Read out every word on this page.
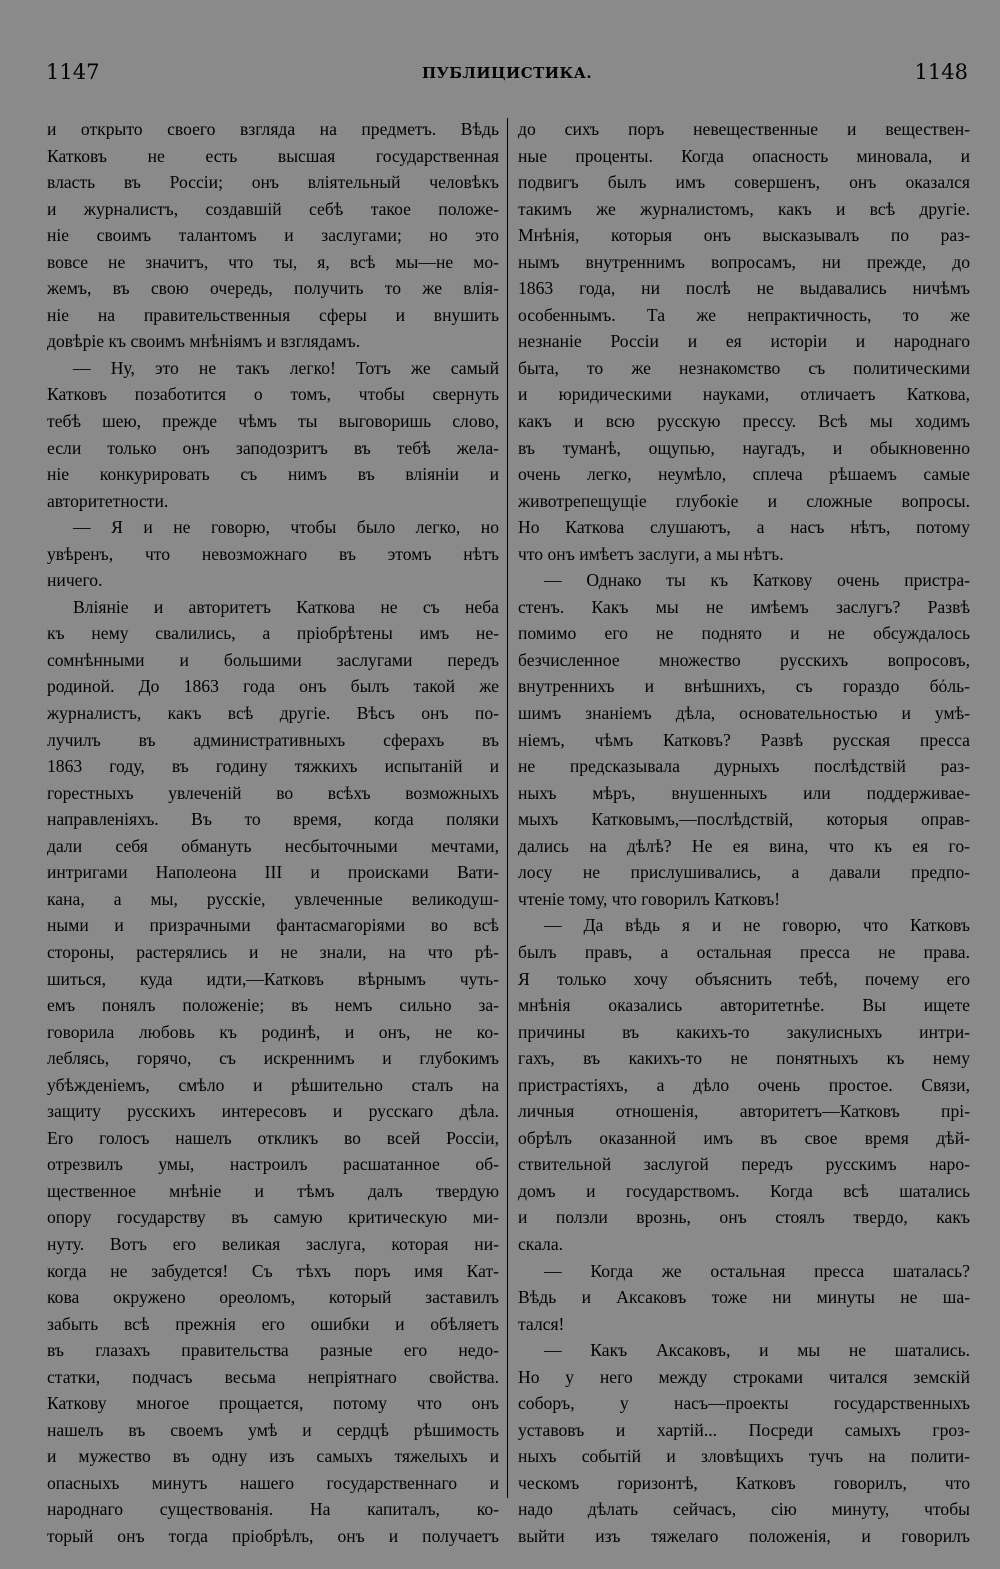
1147	ПУБЛИЦИСТИКА.	1148
и открыто своего взгляда на предметъ. Вѣдь
Катковъ не есть высшая государственная
власть въ Россіи; онъ вліятельный человѣкъ
и журналистъ, создавшій себѣ такое положе-
ніе своимъ талантомъ и заслугами; но это
вовсе не значитъ, что ты, я, всѣ мы—не мо-
жемъ, въ свою очередь, получить то же влія-
ніе на правительственныя сферы и внушить
довѣріе къ своимъ мнѣніямъ и взглядамъ.
— Ну, это не такъ легко! Тотъ же самый
Катковъ позаботится о томъ, чтобы свернуть
тебѣ шею, прежде чѣмъ ты выговоришь слово,
если только онъ заподозритъ въ тебѣ жела-
ніе конкурировать съ нимъ въ вліяніи и
авторитетности.
— Я и не говорю, чтобы было легко, но
увѣренъ, что невозможнаго въ этомъ нѣтъ
ничего.
Вліяніе и авторитетъ Каткова не съ неба
къ нему свалились, а пріобрѣтены имъ не-
сомнѣнными и большими заслугами передъ
родиной. До 1863 года онъ былъ такой же
журналистъ, какъ всѣ другіе. Вѣсъ онъ по-
лучилъ въ административныхъ сферахъ въ
1863 году, въ годину тяжкихъ испытаній и
горестныхъ увлеченій во всѣхъ возможныхъ
направленіяхъ. Въ то время, когда поляки
дали себя обмануть несбыточными мечтами,
интригами Наполеона III и происками Вати-
кана, а мы, русскіе, увлеченные великодуш-
ными и призрачными фантасмагоріями во всѣ
стороны, растерялись и не знали, на что рѣ-
шиться, куда идти,—Катковъ вѣрнымъ чуть-
емъ понялъ положеніе; въ немъ сильно за-
говорила любовь къ родинѣ, и онъ, не ко-
леблясь, горячо, съ искреннимъ и глубокимъ
убѣжденіемъ, смѣло и рѣшительно сталъ на
защиту русскихъ интересовъ и русскаго дѣла.
Его голосъ нашелъ откликъ во всей Россіи,
отрезвилъ умы, настроилъ расшатанное об-
щественное мнѣніе и тѣмъ далъ твердую
опору государству въ самую критическую ми-
нуту. Вотъ его великая заслуга, которая ни-
когда не забудется! Съ тѣхъ поръ имя Кат-
кова окружено ореоломъ, который заставилъ
забыть всѣ прежнія его ошибки и обѣляетъ
въ глазахъ правительства разные его недо-
статки, подчасъ весьма непріятнаго свойства.
Каткову многое прощается, потому что онъ
нашелъ въ своемъ умѣ и сердцѣ рѣшимость
и мужество въ одну изъ самыхъ тяжелыхъ и
опасныхъ минутъ нашего государственнаго и
народнаго существованія. На капиталъ, ко-
торый онъ тогда пріобрѣлъ, онъ и получаетъ
до сихъ поръ невещественные и веществен-
ные проценты. Когда опасность миновала, и
подвигъ былъ имъ совершенъ, онъ оказался
такимъ же журналистомъ, какъ и всѣ другіе.
Мнѣнія, которыя онъ высказывалъ по раз-
нымъ внутреннимъ вопросамъ, ни прежде, до
1863 года, ни послѣ не выдавались ничѣмъ
особеннымъ. Та же непрактичность, то же
незнаніе Россіи и ея исторіи и народнаго
быта, то же незнакомство съ политическими
и юридическими науками, отличаетъ Каткова,
какъ и всю русскую прессу. Всѣ мы ходимъ
въ туманѣ, ощупью, наугадъ, и обыкновенно
очень легко, неумѣло, сплеча рѣшаемъ самые
животрепещущіе глубокіе и сложные вопросы.
Но Каткова слушаютъ, а насъ нѣтъ, потому
что онъ имѣетъ заслуги, а мы нѣтъ.
— Однако ты къ Каткову очень пристра-
стенъ. Какъ мы не имѣемъ заслугъ? Развѣ
помимо его не поднято и не обсуждалось
безчисленное множество русскихъ вопросовъ,
внутреннихъ и внѣшнихъ, съ гораздо бόль-
шимъ знаніемъ дѣла, основательностью и умѣ-
ніемъ, чѣмъ Катковъ? Развѣ русская пресса
не предсказывала дурныхъ послѣдствій раз-
ныхъ мѣръ, внушенныхъ или поддерживае-
мыхъ Катковымъ,—послѣдствій, которыя оправ-
дались на дѣлѣ? Не ея вина, что къ ея го-
лосу не прислушивались, а давали предпо-
чтеніе тому, что говорилъ Катковъ!
— Да вѣдь я и не говорю, что Катковъ
былъ правъ, а остальная пресса не права.
Я только хочу объяснить тебѣ, почему его
мнѣнія оказались авторитетнѣе. Вы ищете
причины въ какихъ-то закулисныхъ интри-
гахъ, въ какихъ-то не понятныхъ къ нему
пристрастіяхъ, а дѣло очень простое. Связи,
личныя отношенія, авторитетъ—Катковъ прі-
обрѣлъ оказанной имъ въ свое время дѣй-
ствительной заслугой передъ русскимъ наро-
домъ и государствомъ. Когда всѣ шатались
и ползли врознь, онъ стоялъ твердо, какъ
скала.
— Когда же остальная пресса шаталась?
Вѣдь и Аксаковъ тоже ни минуты не ша-
тался!
— Какъ Аксаковъ, и мы не шатались.
Но у него между строками читался земскій
соборъ, у насъ—проекты государственныхъ
уставовъ и хартій... Посреди самыхъ гроз-
ныхъ событій и зловѣщихъ тучъ на полити-
ческомъ горизонтѣ, Катковъ говорилъ, что
надо дѣлать сейчасъ, сію минуту, чтобы
выйти изъ тяжелаго положенія, и говорилъ
